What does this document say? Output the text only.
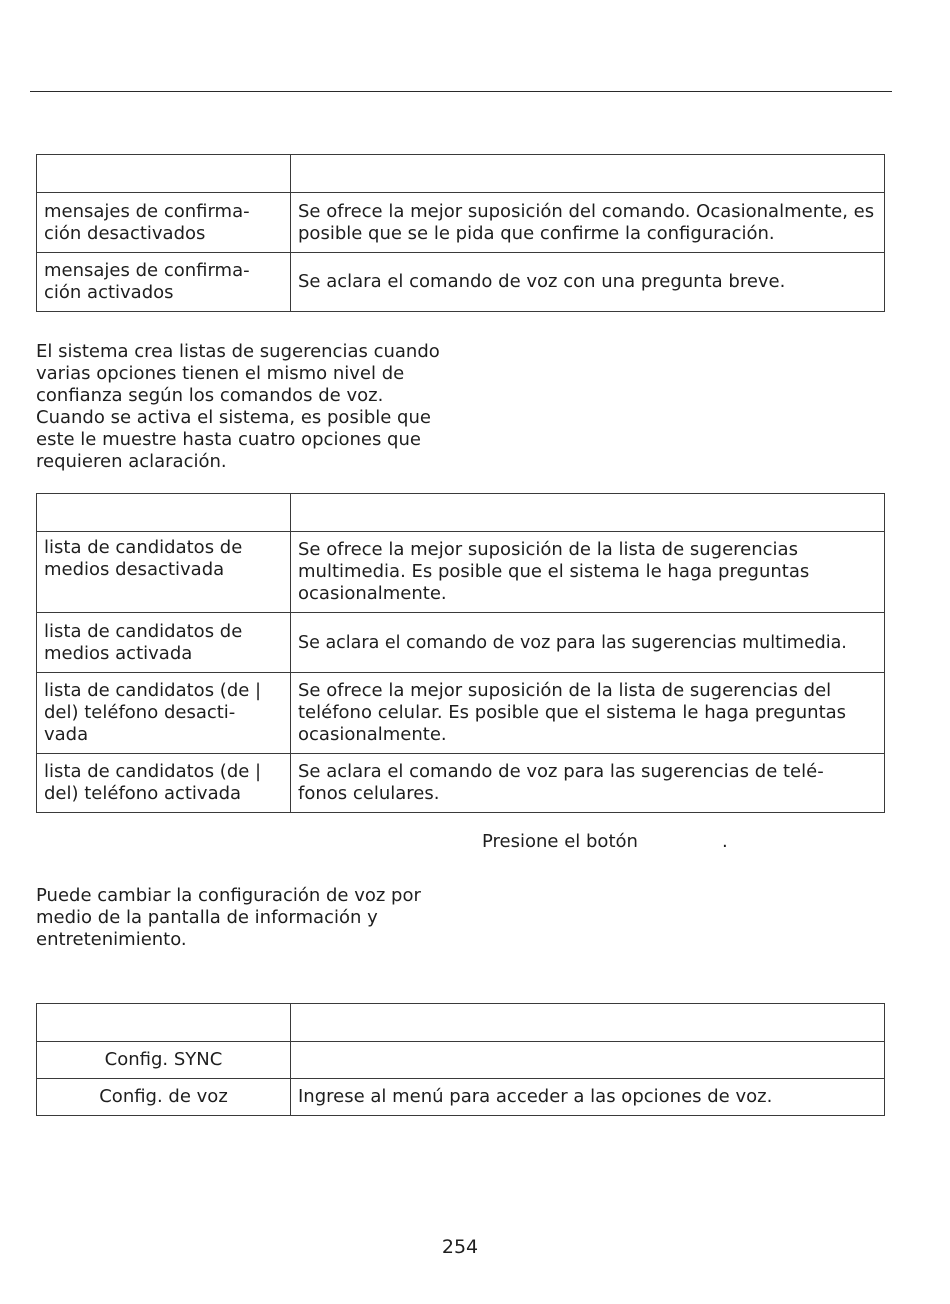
mensajes de confirma-
ción desactivados	Se ofrece la mejor suposición del comando. Ocasionalmente, es posible que se le pida que confirme la configuración.
mensajes de confirma-
ción activados	Se aclara el comando de voz con una pregunta breve.
El sistema crea listas de sugerencias cuando varias opciones tienen el mismo nivel de confianza según los comandos de voz. Cuando se activa el sistema, es posible que este le muestre hasta cuatro opciones que requieren aclaración.

lista de candidatos de medios desactivada	Se ofrece la mejor suposición de la lista de sugerencias multimedia. Es posible que el sistema le haga preguntas ocasionalmente.
lista de candidatos de medios activada	Se aclara el comando de voz para las sugerencias multimedia.
lista de candidatos (de | del) teléfono desacti-
vada	Se ofrece la mejor suposición de la lista de sugerencias del teléfono celular. Es posible que el sistema le haga preguntas ocasionalmente.
lista de candidatos (de | del) teléfono activada	Se aclara el comando de voz para las sugerencias de telé-
fonos celulares.
Presione el botón	.
Puede cambiar la configuración de voz por medio de la pantalla de información y entretenimiento.

Config. SYNC	
Config. de voz	Ingrese al menú para acceder a las opciones de voz.
254
